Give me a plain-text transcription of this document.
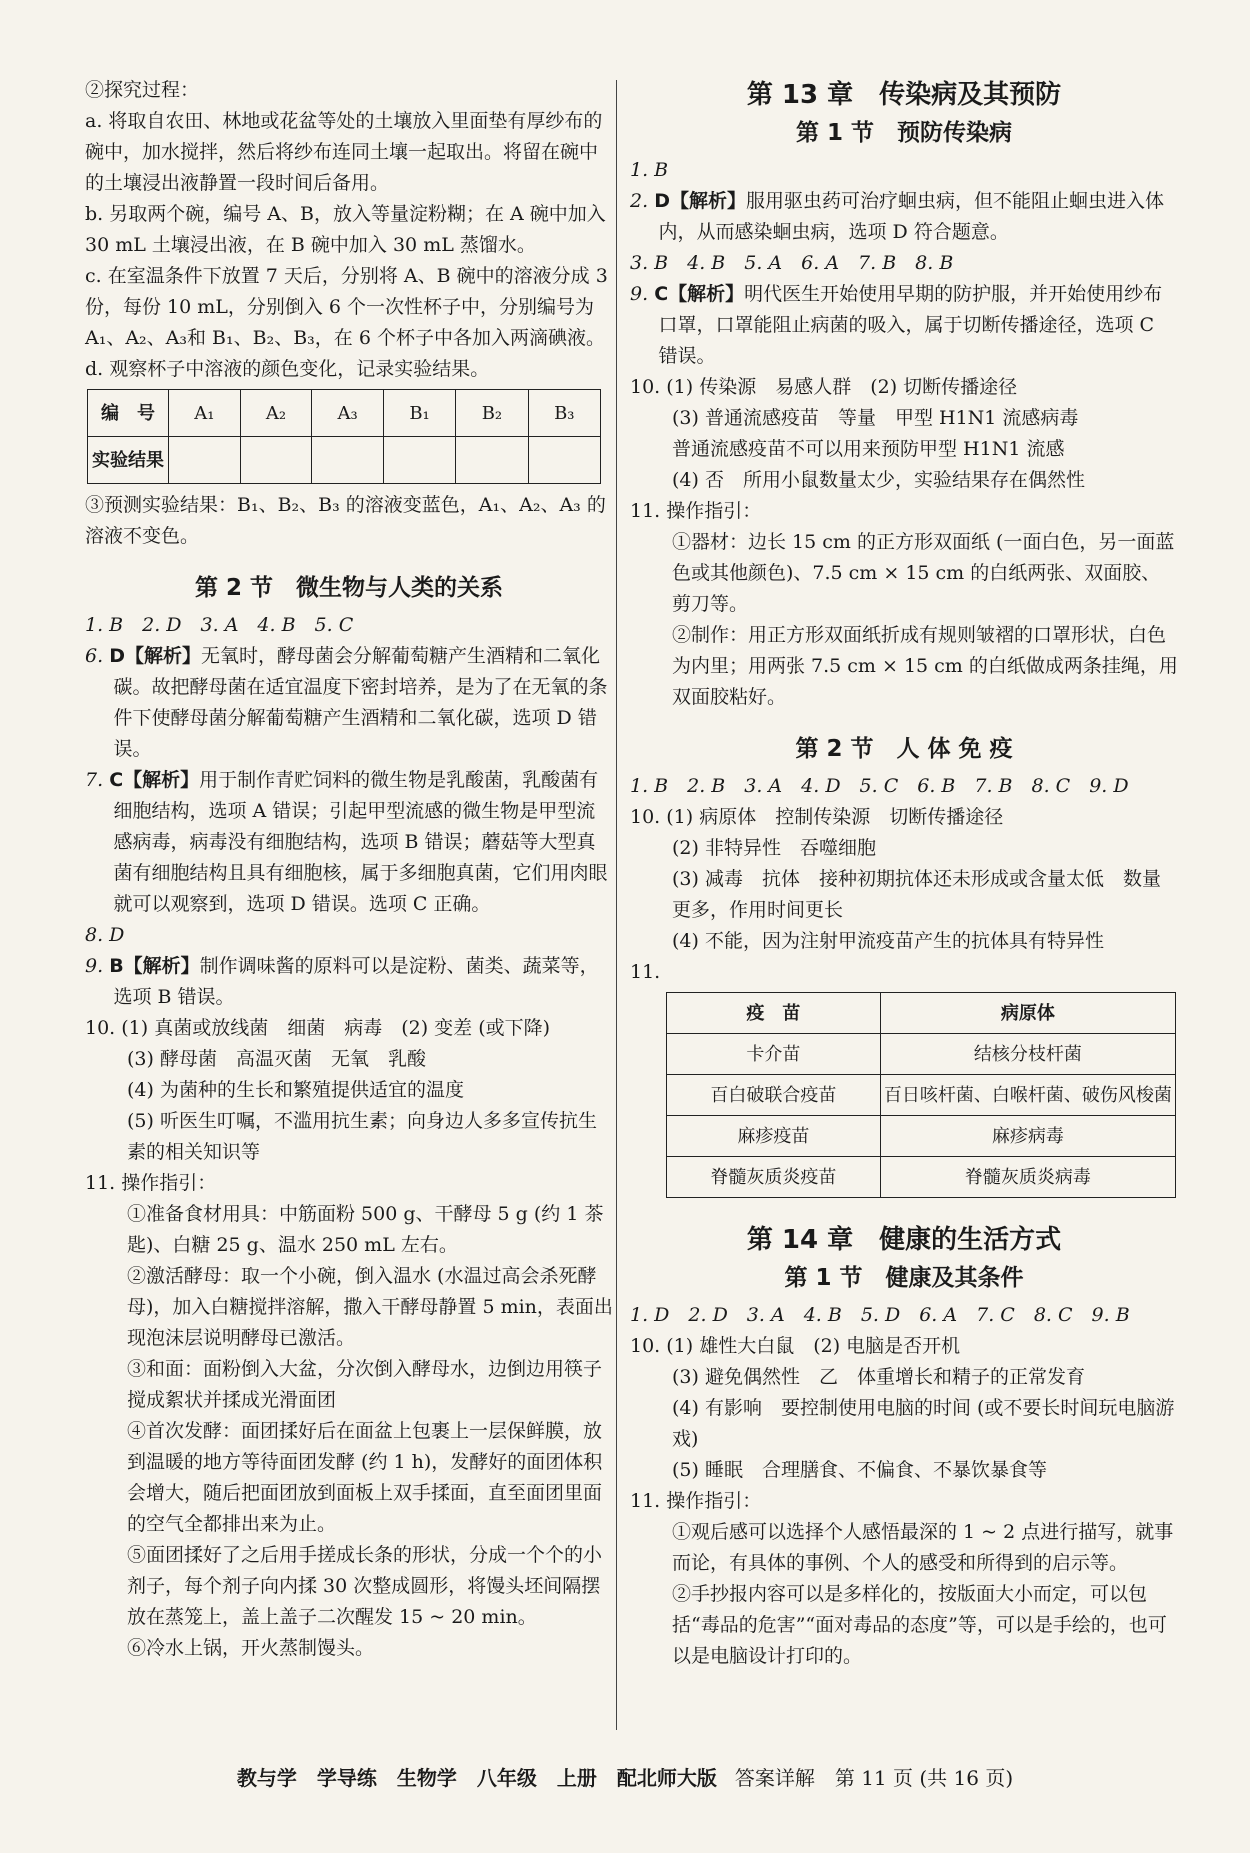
②探究过程：

a. 将取自农田、林地或花盆等处的土壤放入里面垫有厚纱布的碗中，加水搅拌，然后将纱布连同土壤一起取出。将留在碗中的土壤浸出液静置一段时间后备用。

b. 另取两个碗，编号 A、B，放入等量淀粉糊；在 A 碗中加入 30 mL 土壤浸出液，在 B 碗中加入 30 mL 蒸馏水。

c. 在室温条件下放置 7 天后，分别将 A、B 碗中的溶液分成 3 份，每份 10 mL，分别倒入 6 个一次性杯子中，分别编号为 A₁、A₂、A₃和 B₁、B₂、B₃，在 6 个杯子中各加入两滴碘液。

d. 观察杯子中溶液的颜色变化，记录实验结果。

编　号	A₁	A₂	A₃	B₁	B₂	B₃
实验结果						

③预测实验结果：B₁、B₂、B₃ 的溶液变蓝色，A₁、A₂、A₃ 的溶液不变色。

第 2 节　微生物与人类的关系

1. B　2. D　3. A　4. B　5. C

6. D【解析】无氧时，酵母菌会分解葡萄糖产生酒精和二氧化碳。故把酵母菌在适宜温度下密封培养，是为了在无氧的条件下使酵母菌分解葡萄糖产生酒精和二氧化碳，选项 D 错误。

7. C【解析】用于制作青贮饲料的微生物是乳酸菌，乳酸菌有细胞结构，选项 A 错误；引起甲型流感的微生物是甲型流感病毒，病毒没有细胞结构，选项 B 错误；蘑菇等大型真菌有细胞结构且具有细胞核，属于多细胞真菌，它们用肉眼就可以观察到，选项 D 错误。选项 C 正确。

8. D

9. B【解析】制作调味酱的原料可以是淀粉、菌类、蔬菜等，选项 B 错误。

10. (1) 真菌或放线菌　细菌　病毒　(2) 变差 (或下降)

(3) 酵母菌　高温灭菌　无氧　乳酸

(4) 为菌种的生长和繁殖提供适宜的温度

(5) 听医生叮嘱，不滥用抗生素；向身边人多多宣传抗生素的相关知识等

11. 操作指引：

①准备食材用具：中筋面粉 500 g、干酵母 5 g (约 1 茶匙)、白糖 25 g、温水 250 mL 左右。

②激活酵母：取一个小碗，倒入温水 (水温过高会杀死酵母)，加入白糖搅拌溶解，撒入干酵母静置 5 min，表面出现泡沫层说明酵母已激活。

③和面：面粉倒入大盆，分次倒入酵母水，边倒边用筷子搅成絮状并揉成光滑面团

④首次发酵：面团揉好后在面盆上包裹上一层保鲜膜，放到温暖的地方等待面团发酵 (约 1 h)，发酵好的面团体积会增大，随后把面团放到面板上双手揉面，直至面团里面的空气全都排出来为止。

⑤面团揉好了之后用手搓成长条的形状，分成一个个的小剂子，每个剂子向内揉 30 次整成圆形，将馒头坯间隔摆放在蒸笼上，盖上盖子二次醒发 15 ~ 20 min。

⑥冷水上锅，开火蒸制馒头。

第 13 章　传染病及其预防
第 1 节　预防传染病

1. B

2. D【解析】服用驱虫药可治疗蛔虫病，但不能阻止蛔虫进入体内，从而感染蛔虫病，选项 D 符合题意。

3. B　4. B　5. A　6. A　7. B　8. B

9. C【解析】明代医生开始使用早期的防护服，并开始使用纱布口罩，口罩能阻止病菌的吸入，属于切断传播途径，选项 C 错误。

10. (1) 传染源　易感人群　(2) 切断传播途径

(3) 普通流感疫苗　等量　甲型 H1N1 流感病毒

普通流感疫苗不可以用来预防甲型 H1N1 流感

(4) 否　所用小鼠数量太少，实验结果存在偶然性

11. 操作指引：

①器材：边长 15 cm 的正方形双面纸 (一面白色，另一面蓝色或其他颜色)、7.5 cm × 15 cm 的白纸两张、双面胶、剪刀等。

②制作：用正方形双面纸折成有规则皱褶的口罩形状，白色为内里；用两张 7.5 cm × 15 cm 的白纸做成两条挂绳，用双面胶粘好。

第 2 节　人 体 免 疫

1. B　2. B　3. A　4. D　5. C　6. B　7. B　8. C　9. D

10. (1) 病原体　控制传染源　切断传播途径

(2) 非特异性　吞噬细胞

(3) 减毒　抗体　接种初期抗体还未形成或含量太低　数量更多，作用时间更长

(4) 不能，因为注射甲流疫苗产生的抗体具有特异性

11.

疫　苗	病原体
卡介苗	结核分枝杆菌
百白破联合疫苗	百日咳杆菌、白喉杆菌、破伤风梭菌
麻疹疫苗	麻疹病毒
脊髓灰质炎疫苗	脊髓灰质炎病毒
第 14 章　健康的生活方式
第 1 节　健康及其条件

1. D　2. D　3. A　4. B　5. D　6. A　7. C　8. C　9. B

10. (1) 雄性大白鼠　(2) 电脑是否开机

(3) 避免偶然性　乙　体重增长和精子的正常发育

(4) 有影响　要控制使用电脑的时间 (或不要长时间玩电脑游戏)

(5) 睡眠　合理膳食、不偏食、不暴饮暴食等

11. 操作指引：

①观后感可以选择个人感悟最深的 1 ~ 2 点进行描写，就事而论，有具体的事例、个人的感受和所得到的启示等。

②手抄报内容可以是多样化的，按版面大小而定，可以包括“毒品的危害”“面对毒品的态度”等，可以是手绘的，也可以是电脑设计打印的。

教与学　学导练　生物学　八年级　上册　配北师大版 答案详解　第 11 页 (共 16 页)
